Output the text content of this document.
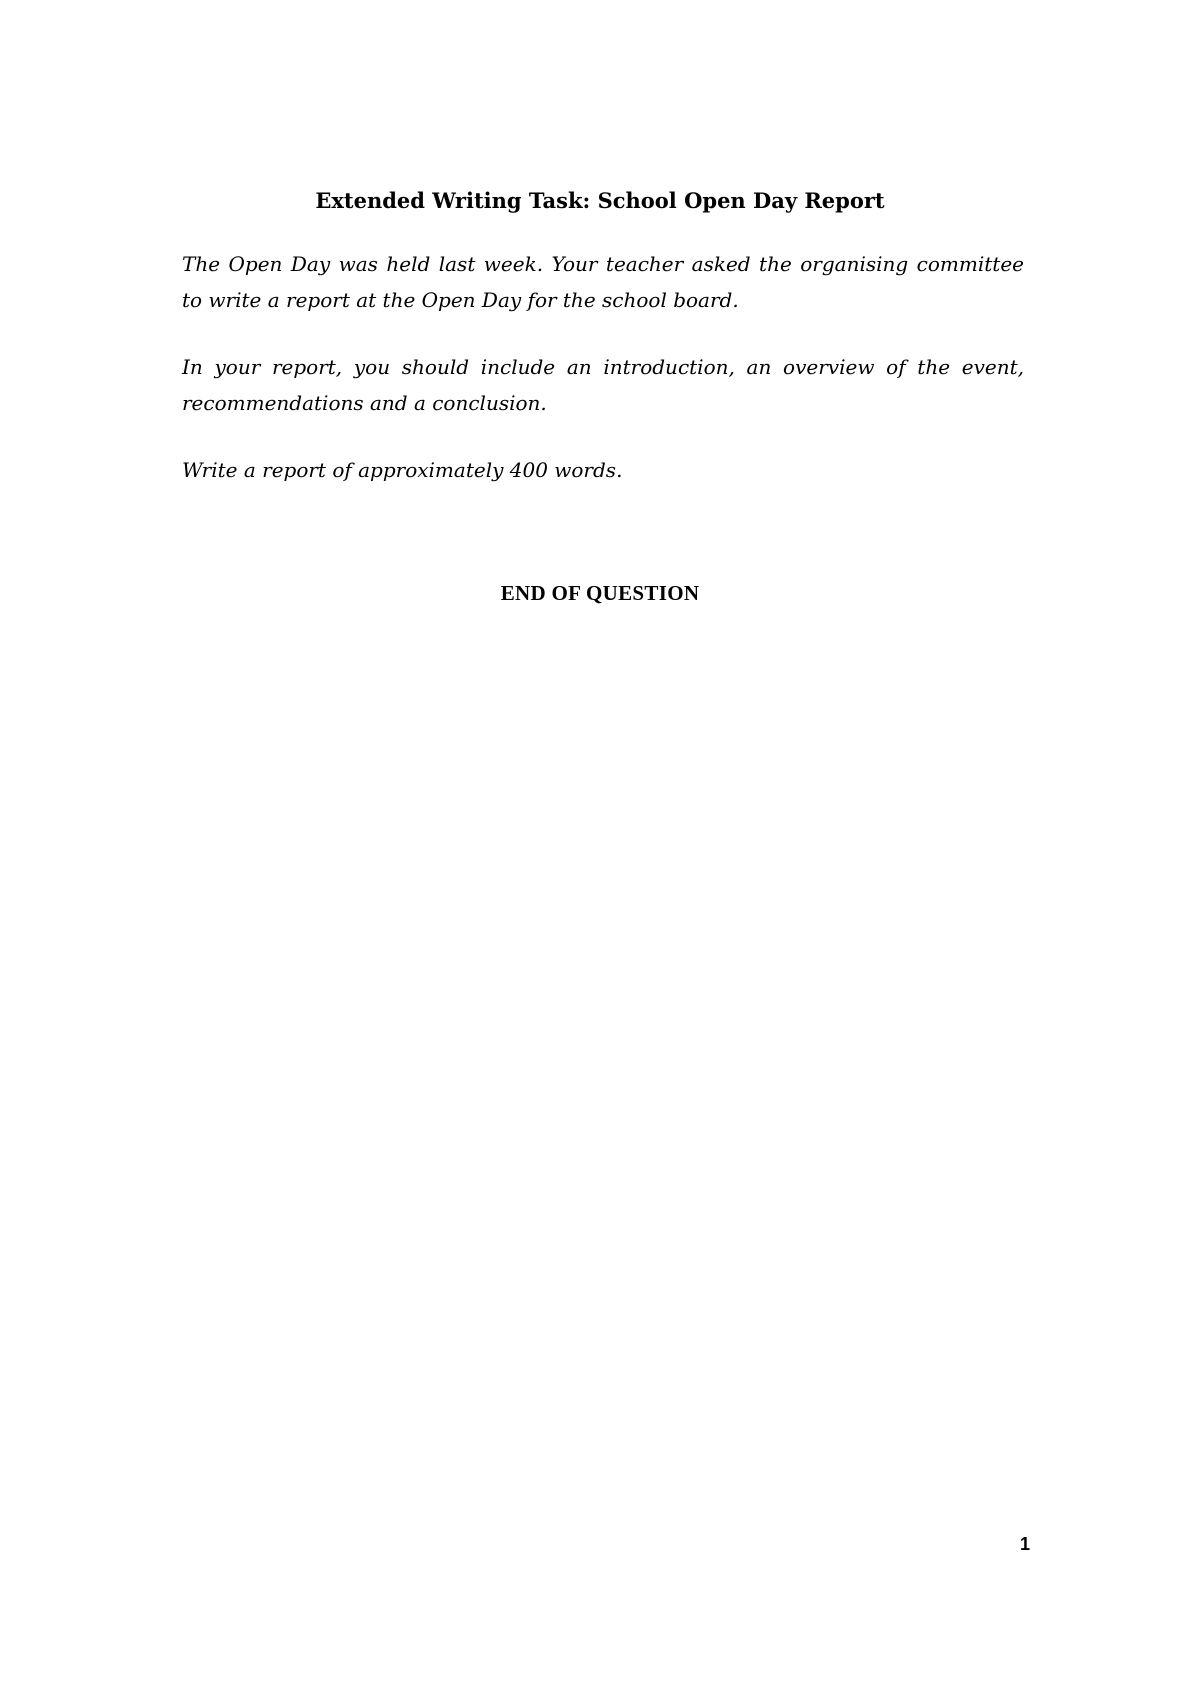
Extended Writing Task: School Open Day Report

The Open Day was held last week. Your teacher asked the organising committee to write a report at the Open Day for the school board.

In your report, you should include an introduction, an overview of the event, recommendations and a conclusion.

Write a report of approximately 400 words.

END OF QUESTION

1
